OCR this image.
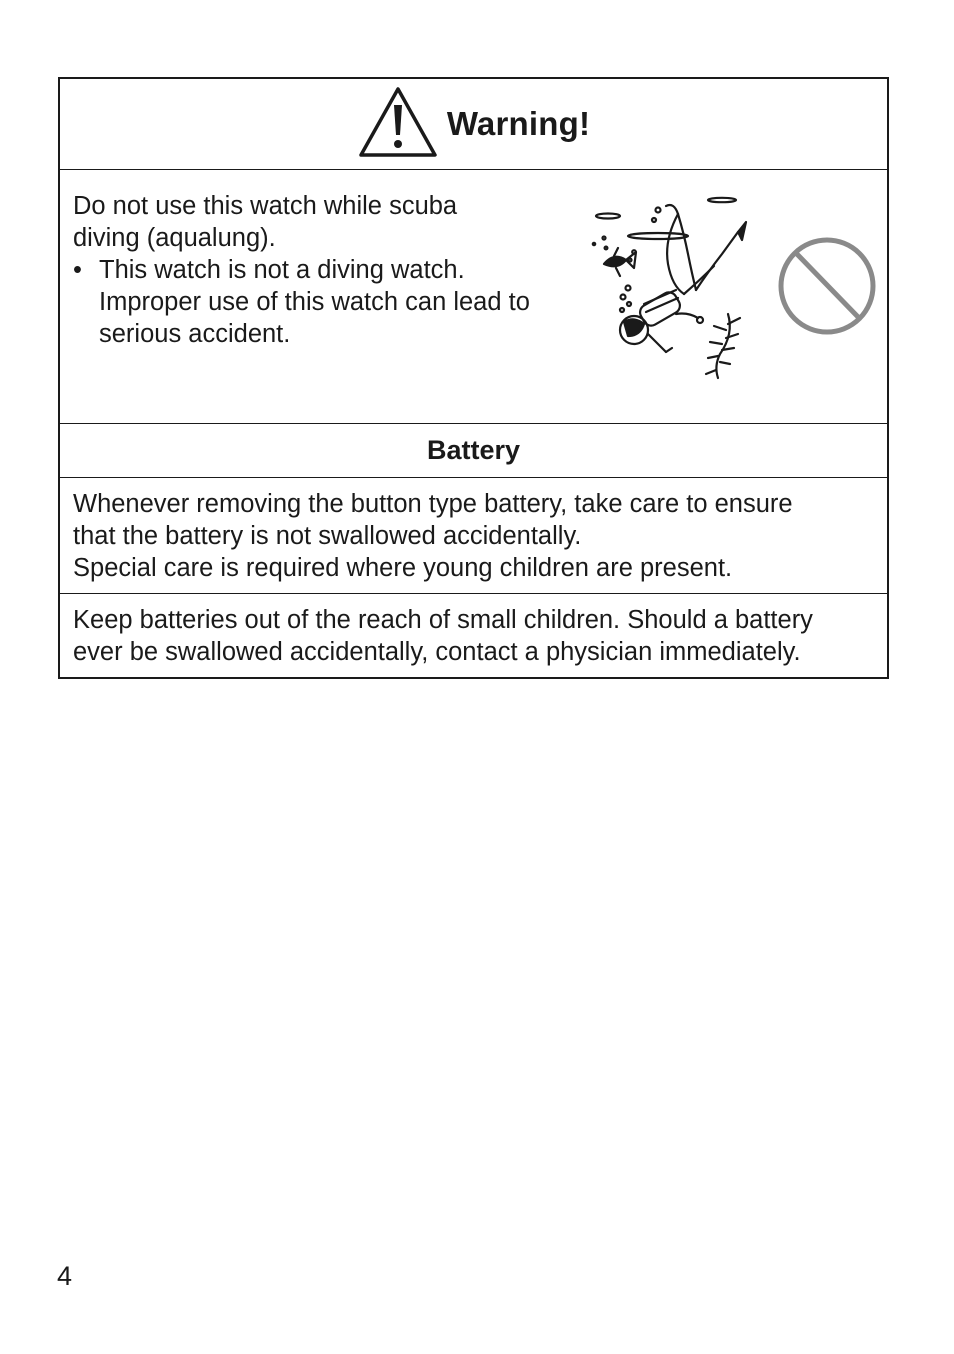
Warning!

Do not use this watch while scuba

diving (aqualung).

• This watch is not a diving watch.

Improper use of this watch can lead to

serious accident.

Battery

Whenever removing the button type battery, take care to ensure

that the battery is not swallowed accidentally.

Special care is required where young children are present.

Keep batteries out of the reach of small children. Should a battery

ever be swallowed accidentally, contact a physician immediately.

4
